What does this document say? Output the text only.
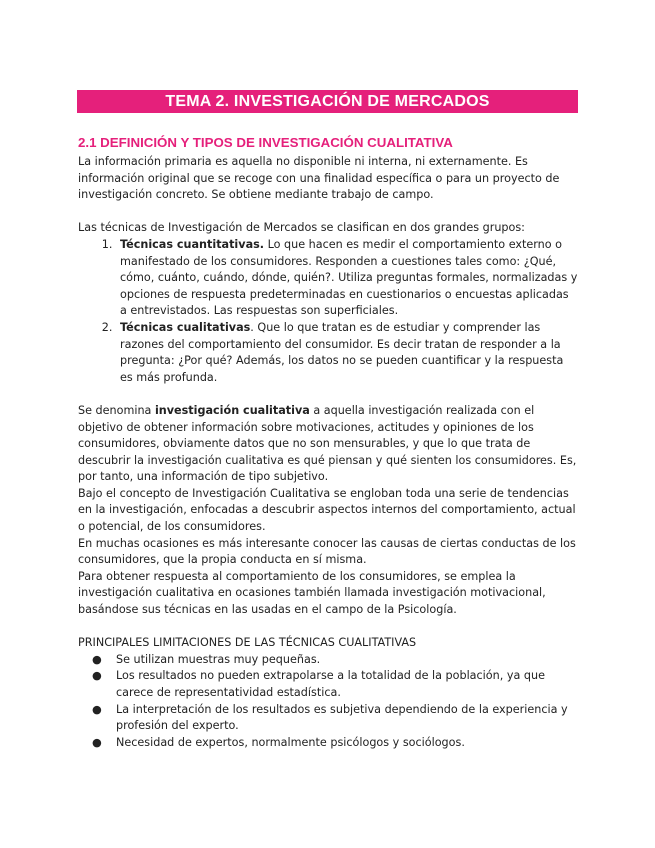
TEMA 2. INVESTIGACIÓN DE MERCADOS
2.1 DEFINICIÓN Y TIPOS DE INVESTIGACIÓN CUALITATIVA

La información primaria es aquella no disponible ni interna, ni externamente. Es información original que se recoge con una finalidad específica o para un proyecto de investigación concreto. Se obtiene mediante trabajo de campo.

Las técnicas de Investigación de Mercados se clasifican en dos grandes grupos:

1. Técnicas cuantitativas. Lo que hacen es medir el comportamiento externo o manifestado de los consumidores. Responden a cuestiones tales como: ¿Qué, cómo, cuánto, cuándo, dónde, quién?. Utiliza preguntas formales, normalizadas y opciones de respuesta predeterminadas en cuestionarios o encuestas aplicadas a entrevistados. Las respuestas son superficiales.
2. Técnicas cualitativas. Que lo que tratan es de estudiar y comprender las razones del comportamiento del consumidor. Es decir tratan de responder a la pregunta: ¿Por qué? Además, los datos no se pueden cuantificar y la respuesta es más profunda.

Se denomina investigación cualitativa a aquella investigación realizada con el objetivo de obtener información sobre motivaciones, actitudes y opiniones de los consumidores, obviamente datos que no son mensurables, y que lo que trata de descubrir la investigación cualitativa es qué piensan y qué sienten los consumidores. Es, por tanto, una información de tipo subjetivo.

Bajo el concepto de Investigación Cualitativa se engloban toda una serie de tendencias en la investigación, enfocadas a descubrir aspectos internos del comportamiento, actual o potencial, de los consumidores.

En muchas ocasiones es más interesante conocer las causas de ciertas conductas de los consumidores, que la propia conducta en sí misma.

Para obtener respuesta al comportamiento de los consumidores, se emplea la investigación cualitativa en ocasiones también llamada investigación motivacional, basándose sus técnicas en las usadas en el campo de la Psicología.

PRINCIPALES LIMITACIONES DE LAS TÉCNICAS CUALITATIVAS

● Se utilizan muestras muy pequeñas.
● Los resultados no pueden extrapolarse a la totalidad de la población, ya que carece de representatividad estadística.
● La interpretación de los resultados es subjetiva dependiendo de la experiencia y profesión del experto.
● Necesidad de expertos, normalmente psicólogos y sociólogos.
